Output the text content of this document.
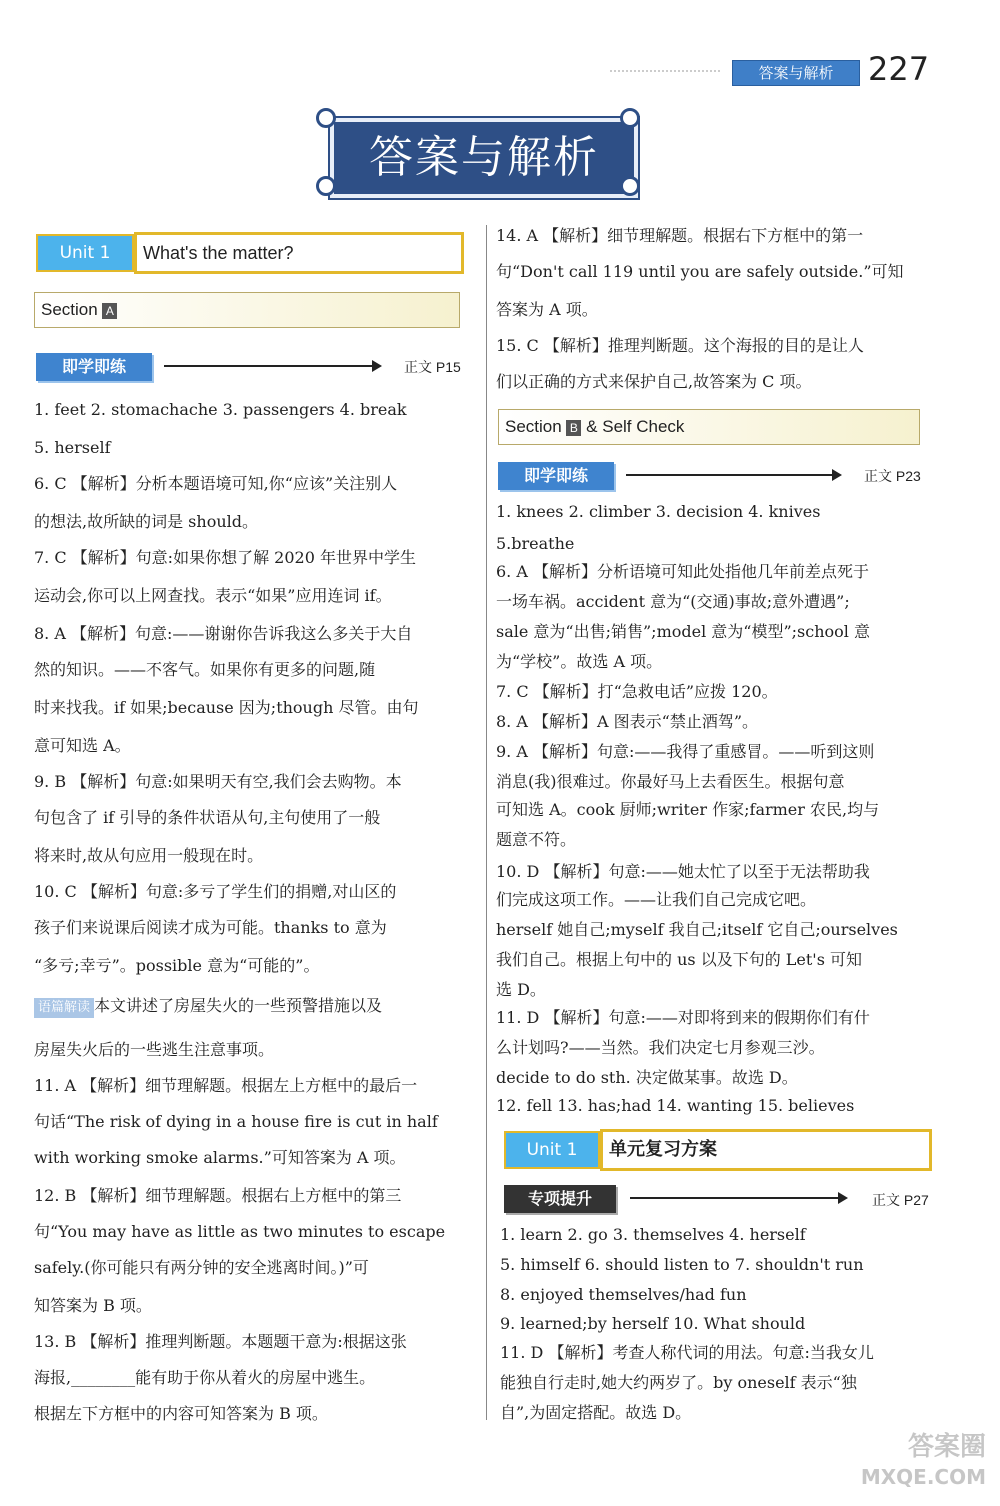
答案与解析	227
答案与解析
Unit 1	What's the matter?
Section A
即学即练	正文 P15
1. feet 2. stomachache 3. passengers 4. break
5. herself
6. C 【解析】分析本题语境可知,你“应该”关注别人
的想法,故所缺的词是 should。
7. C 【解析】句意:如果你想了解 2020 年世界中学生
运动会,你可以上网查找。表示“如果”应用连词 if。
8. A 【解析】句意:——谢谢你告诉我这么多关于大自
然的知识。——不客气。如果你有更多的问题,随
时来找我。if 如果;because 因为;though 尽管。由句
意可知选 A。
9. B 【解析】句意:如果明天有空,我们会去购物。本
句包含了 if 引导的条件状语从句,主句使用了一般
将来时,故从句应用一般现在时。
10. C 【解析】句意:多亏了学生们的捐赠,对山区的
孩子们来说课后阅读才成为可能。thanks to 意为
“多亏;幸亏”。possible 意为“可能的”。
语篇解读 本文讲述了房屋失火的一些预警措施以及
房屋失火后的一些逃生注意事项。
11. A 【解析】细节理解题。根据左上方框中的最后一
句话“The risk of dying in a house fire is cut in half
with working smoke alarms.”可知答案为 A 项。
12. B 【解析】细节理解题。根据右上方框中的第三
句“You may have as little as two minutes to escape
safely.(你可能只有两分钟的安全逃离时间。)”可
知答案为 B 项。
13. B 【解析】推理判断题。本题题干意为:根据这张
海报,________能有助于你从着火的房屋中逃生。
根据左下方框中的内容可知答案为 B 项。
14. A 【解析】细节理解题。根据右下方框中的第一
句“Don't call 119 until you are safely outside.”可知
答案为 A 项。
15. C 【解析】推理判断题。这个海报的目的是让人
们以正确的方式来保护自己,故答案为 C 项。
Section B & Self Check
即学即练	正文 P23
1. knees 2. climber 3. decision 4. knives
5.breathe
6. A 【解析】分析语境可知此处指他几年前差点死于
一场车祸。accident 意为“(交通)事故;意外遭遇”;
sale 意为“出售;销售”;model 意为“模型”;school 意
为“学校”。故选 A 项。
7. C 【解析】打“急救电话”应拨 120。
8. A 【解析】A 图表示“禁止酒驾”。
9. A 【解析】句意:——我得了重感冒。——听到这则
消息(我)很难过。你最好马上去看医生。根据句意
可知选 A。cook 厨师;writer 作家;farmer 农民,均与
题意不符。
10. D 【解析】句意:——她太忙了以至于无法帮助我
们完成这项工作。——让我们自己完成它吧。
herself 她自己;myself 我自己;itself 它自己;ourselves
我们自己。根据上句中的 us 以及下句的 Let's 可知
选 D。
11. D 【解析】句意:——对即将到来的假期你们有什
么计划吗?——当然。我们决定七月参观三沙。
decide to do sth. 决定做某事。故选 D。
12. fell 13. has;had 14. wanting 15. believes
Unit 1	单元复习方案
专项提升	正文 P27
1. learn 2. go 3. themselves 4. herself
5. himself 6. should listen to 7. shouldn't run
8. enjoyed themselves/had fun
9. learned;by herself 10. What should
11. D 【解析】考查人称代词的用法。句意:当我女儿
能独自行走时,她大约两岁了。by oneself 表示“独
自”,为固定搭配。故选 D。
答案圈
MXQE.COM
